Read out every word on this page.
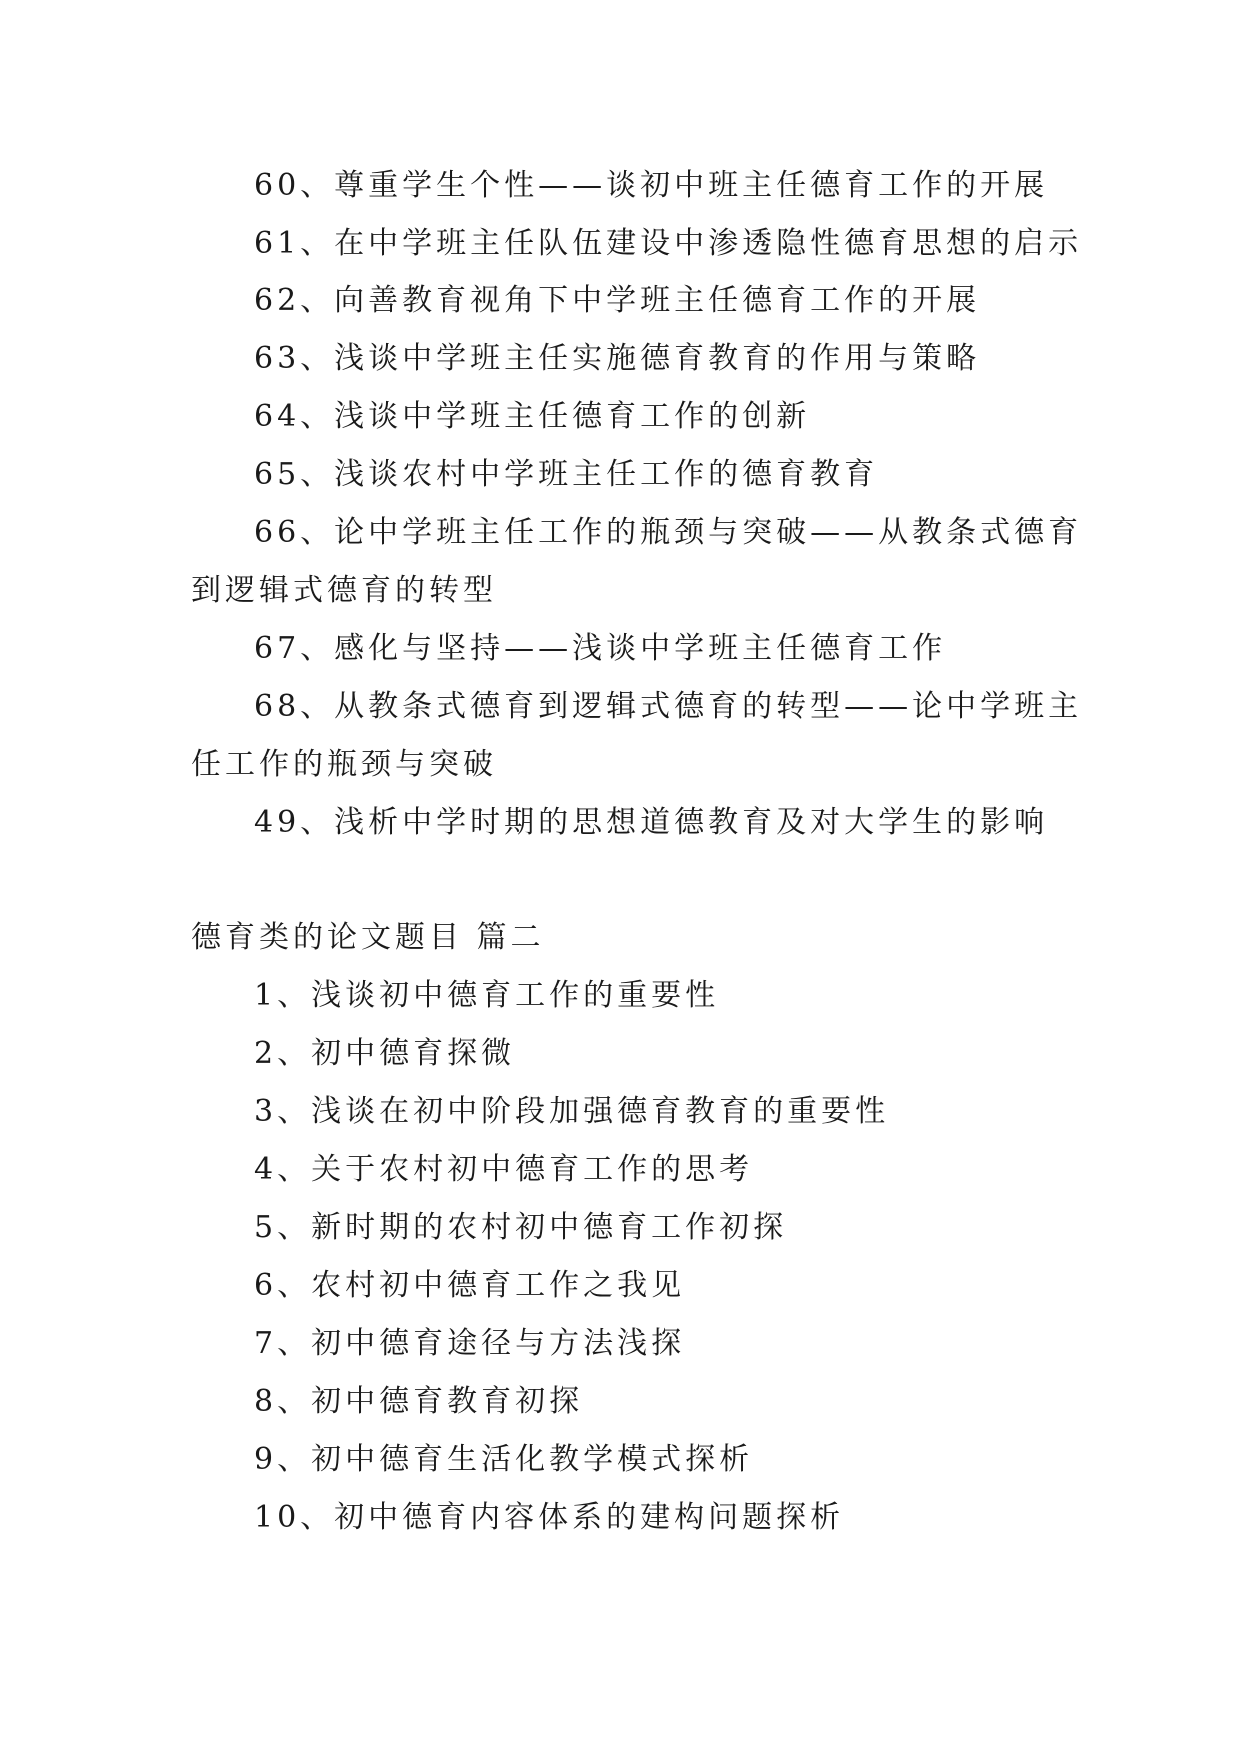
60、尊重学生个性——谈初中班主任德育工作的开展
61、在中学班主任队伍建设中渗透隐性德育思想的启示
62、向善教育视角下中学班主任德育工作的开展
63、浅谈中学班主任实施德育教育的作用与策略
64、浅谈中学班主任德育工作的创新
65、浅谈农村中学班主任工作的德育教育
66、论中学班主任工作的瓶颈与突破——从教条式德育
到逻辑式德育的转型
67、感化与坚持——浅谈中学班主任德育工作
68、从教条式德育到逻辑式德育的转型——论中学班主
任工作的瓶颈与突破
49、浅析中学时期的思想道德教育及对大学生的影响
德育类的论文题目 篇二
1、浅谈初中德育工作的重要性
2、初中德育探微
3、浅谈在初中阶段加强德育教育的重要性
4、关于农村初中德育工作的思考
5、新时期的农村初中德育工作初探
6、农村初中德育工作之我见
7、初中德育途径与方法浅探
8、初中德育教育初探
9、初中德育生活化教学模式探析
10、初中德育内容体系的建构问题探析
